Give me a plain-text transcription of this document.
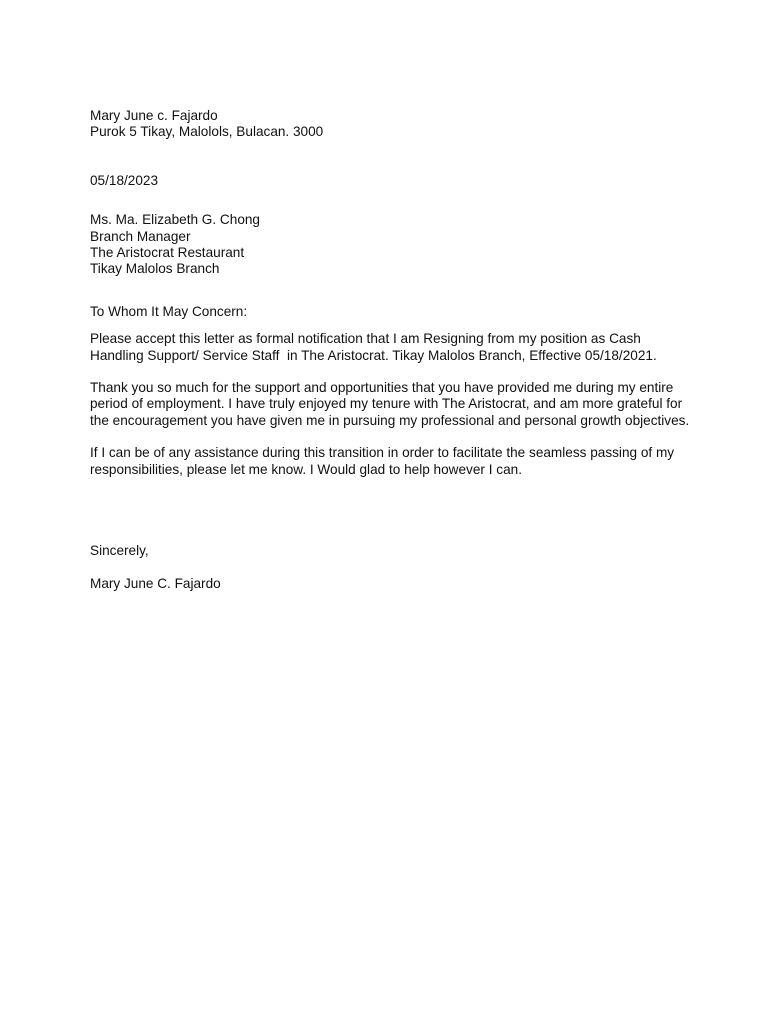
Mary June c. Fajardo
Purok 5 Tikay, Malolols, Bulacan. 3000
05/18/2023
Ms. Ma. Elizabeth G. Chong
Branch Manager
The Aristocrat Restaurant
Tikay Malolos Branch
To Whom It May Concern:

Please accept this letter as formal notification that I am Resigning from my position as Cash Handling Support/ Service Staff  in The Aristocrat. Tikay Malolos Branch, Effective 05/18/2021.

Thank you so much for the support and opportunities that you have provided me during my entire period of employment. I have truly enjoyed my tenure with The Aristocrat, and am more grateful for the encouragement you have given me in pursuing my professional and personal growth objectives.

If I can be of any assistance during this transition in order to facilitate the seamless passing of my responsibilities, please let me know. I Would glad to help however I can.

Sincerely,
Mary June C. Fajardo
